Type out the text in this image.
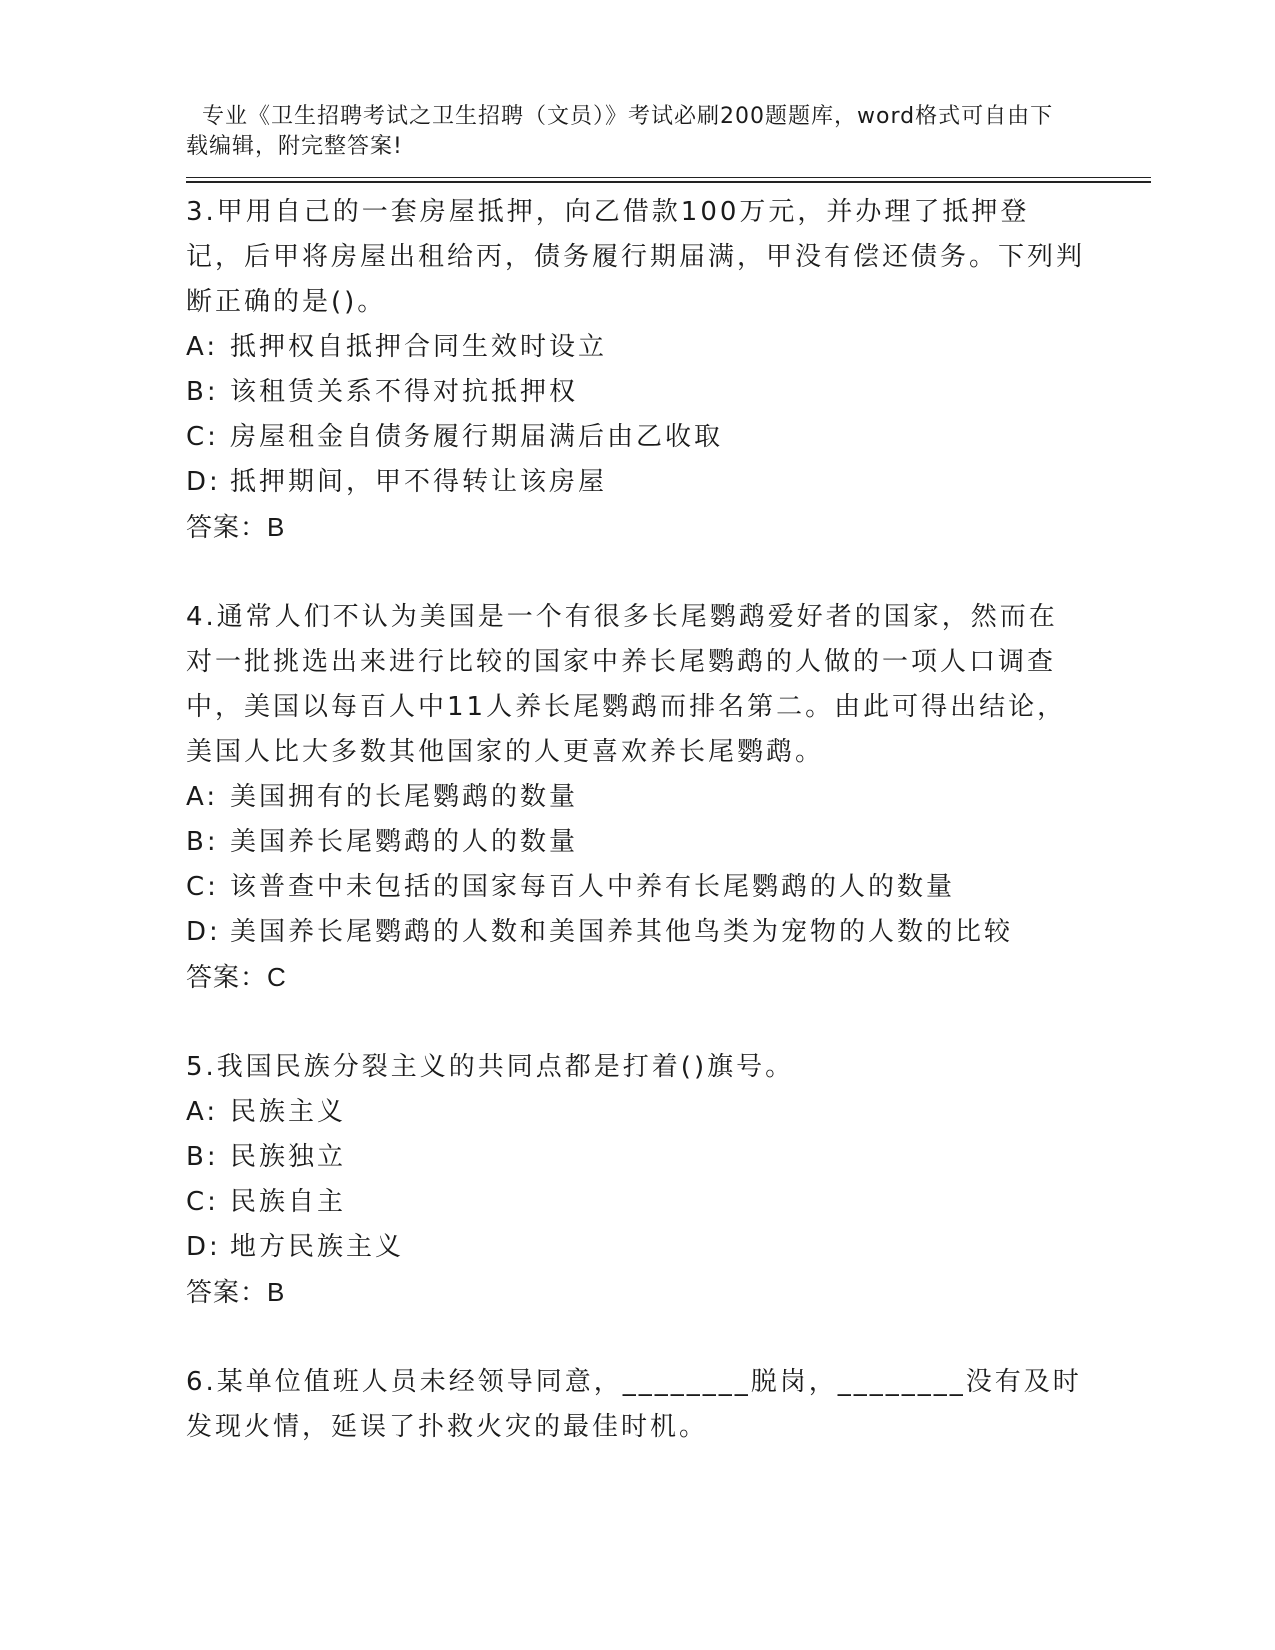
专业《卫生招聘考试之卫生招聘（文员）》考试必刷200题题库，word格式可自由下载编辑，附完整答案!

3.甲用自己的一套房屋抵押，向乙借款100万元，并办理了抵押登记，后甲将房屋出租给丙，债务履行期届满，甲没有偿还债务。下列判断正确的是()。

A: 抵押权自抵押合同生效时设立

B: 该租赁关系不得对抗抵押权

C: 房屋租金自债务履行期届满后由乙收取

D: 抵押期间，甲不得转让该房屋

答案：B

4.通常人们不认为美国是一个有很多长尾鹦鹉爱好者的国家，然而在对一批挑选出来进行比较的国家中养长尾鹦鹉的人做的一项人口调查中，美国以每百人中11人养长尾鹦鹉而排名第二。由此可得出结论，美国人比大多数其他国家的人更喜欢养长尾鹦鹉。

A: 美国拥有的长尾鹦鹉的数量

B: 美国养长尾鹦鹉的人的数量

C: 该普查中未包括的国家每百人中养有长尾鹦鹉的人的数量

D: 美国养长尾鹦鹉的人数和美国养其他鸟类为宠物的人数的比较

答案：C

5.我国民族分裂主义的共同点都是打着()旗号。

A: 民族主义

B: 民族独立

C: 民族自主

D: 地方民族主义

答案：B

6.某单位值班人员未经领导同意，________脱岗，________没有及时发现火情，延误了扑救火灾的最佳时机。
